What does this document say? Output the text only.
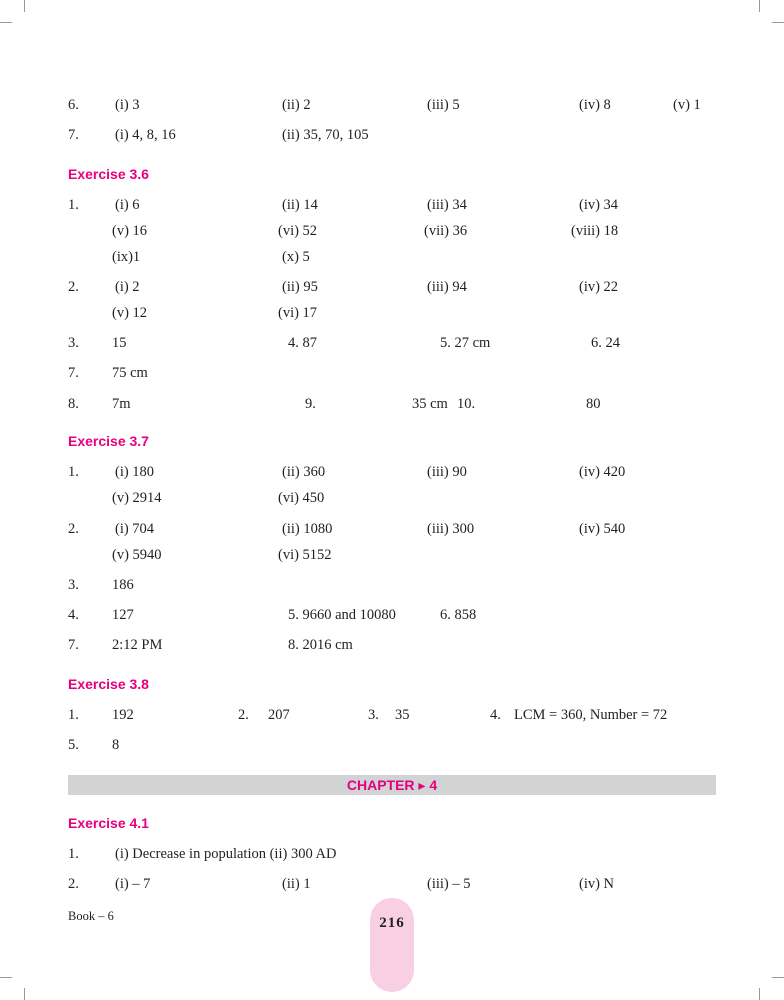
6. (i) 3	(ii) 2	(iii) 5	(iv) 8	(v) 1
7. (i) 4, 8, 16	(ii) 35, 70, 105
Exercise 3.6
1. (i) 6	(ii) 14	(iii) 34	(iv) 34
(v) 16	(vi) 52	(vii) 36	(viii) 18
(ix)1	(x) 5
2. (i) 2	(ii) 95	(iii) 94	(iv) 22
(v) 12	(vi) 17
3. 15	4. 87	5. 27 cm	6. 24
7. 75 cm
8. 7m	9.	35 cm 10.	80
Exercise 3.7
1. (i) 180	(ii) 360	(iii) 90	(iv) 420
(v) 2914	(vi) 450
2. (i) 704	(ii) 1080	(iii) 300	(iv) 540
(v) 5940	(vi) 5152
3. 186
4. 127	5. 9660 and 10080	6. 858
7. 2:12 PM	8. 2016 cm
Exercise 3.8
1. 192	2. 207	3. 35	4. LCM = 360, Number = 72
5. 8
CHAPTER ▸ 4
Exercise 4.1
1. (i) Decrease in population (ii) 300 AD
2. (i) – 7	(ii) 1	(iii) – 5	(iv) N
Book – 6	216
